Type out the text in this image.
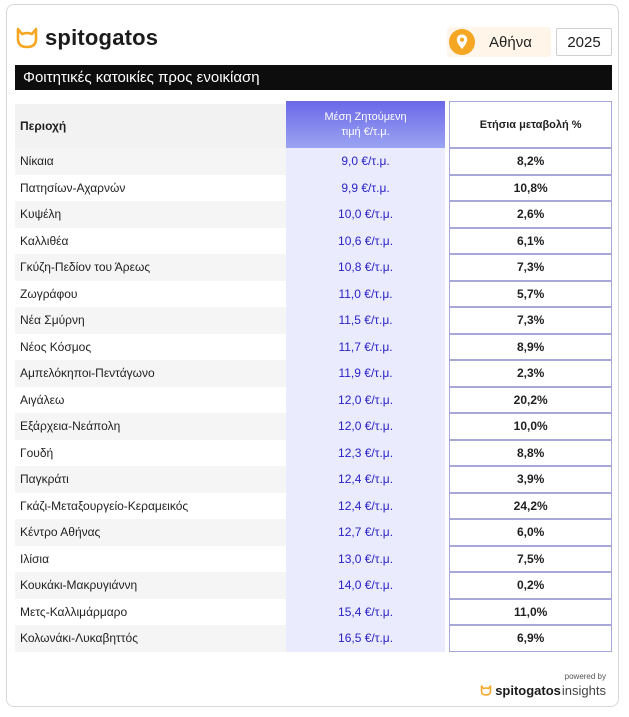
spitogatos	Αθήνα	2025
Φοιτητικές κατοικίες προς ενοικίαση
Περιοχή	Μέση Ζητούμενη
τιμή €/τ.μ.		Ετήσια μεταβολή %
Νίκαια	9,0 €/τ.μ.		8,2%
Πατησίων-Αχαρνών	9,9 €/τ.μ.		10,8%
Κυψέλη	10,0 €/τ.μ.		2,6%
Καλλιθέα	10,6 €/τ.μ.		6,1%
Γκύζη-Πεδίον του Άρεως	10,8 €/τ.μ.		7,3%
Ζωγράφου	11,0 €/τ.μ.		5,7%
Νέα Σμύρνη	11,5 €/τ.μ.		7,3%
Νέος Κόσμος	11,7 €/τ.μ.		8,9%
Αμπελόκηποι-Πεντάγωνο	11,9 €/τ.μ.		2,3%
Αιγάλεω	12,0 €/τ.μ.		20,2%
Εξάρχεια-Νεάπολη	12,0 €/τ.μ.		10,0%
Γουδή	12,3 €/τ.μ.		8,8%
Παγκράτι	12,4 €/τ.μ.		3,9%
Γκάζι-Μεταξουργείο-Κεραμεικός	12,4 €/τ.μ.		24,2%
Κέντρο Αθήνας	12,7 €/τ.μ.		6,0%
Ιλίσια	13,0 €/τ.μ.		7,5%
Κουκάκι-Μακρυγιάννη	14,0 €/τ.μ.		0,2%
Μετς-Καλλιμάρμαρο	15,4 €/τ.μ.		11,0%
Κολωνάκι-Λυκαβηττός	16,5 €/τ.μ.		6,9%
powered by
spitogatos insights
